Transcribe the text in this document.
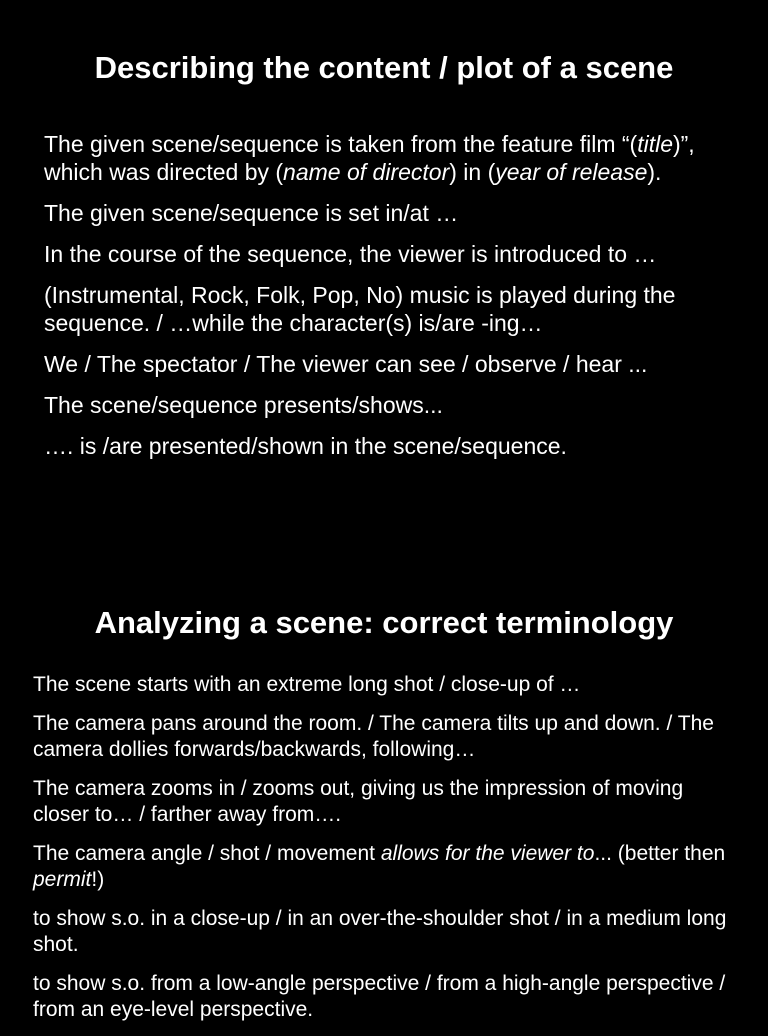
Describing the content / plot of a scene
The given scene/sequence is taken from the feature film “(title)”, which was directed by (name of director) in (year of release).
The given scene/sequence is set in/at …
In the course of the sequence, the viewer is introduced to …
(Instrumental, Rock, Folk, Pop, No) music is played during the sequence. / …while the character(s) is/are -ing…
We / The spectator / The viewer can see / observe / hear ...
The scene/sequence presents/shows...
…. is /are presented/shown in the scene/sequence.
Analyzing a scene: correct terminology
The scene starts with an extreme long shot / close-up of …
The camera pans around the room. / The camera tilts up and down. / The camera dollies forwards/backwards, following…
The camera zooms in / zooms out, giving us the impression of moving closer to… / farther away from….
The camera angle / shot / movement allows for the viewer to... (better then permit!)
to show s.o. in a close-up / in an over-the-shoulder shot / in a medium long shot.
to show s.o. from a low-angle perspective / from a high-angle perspective / from an eye-level perspective.
